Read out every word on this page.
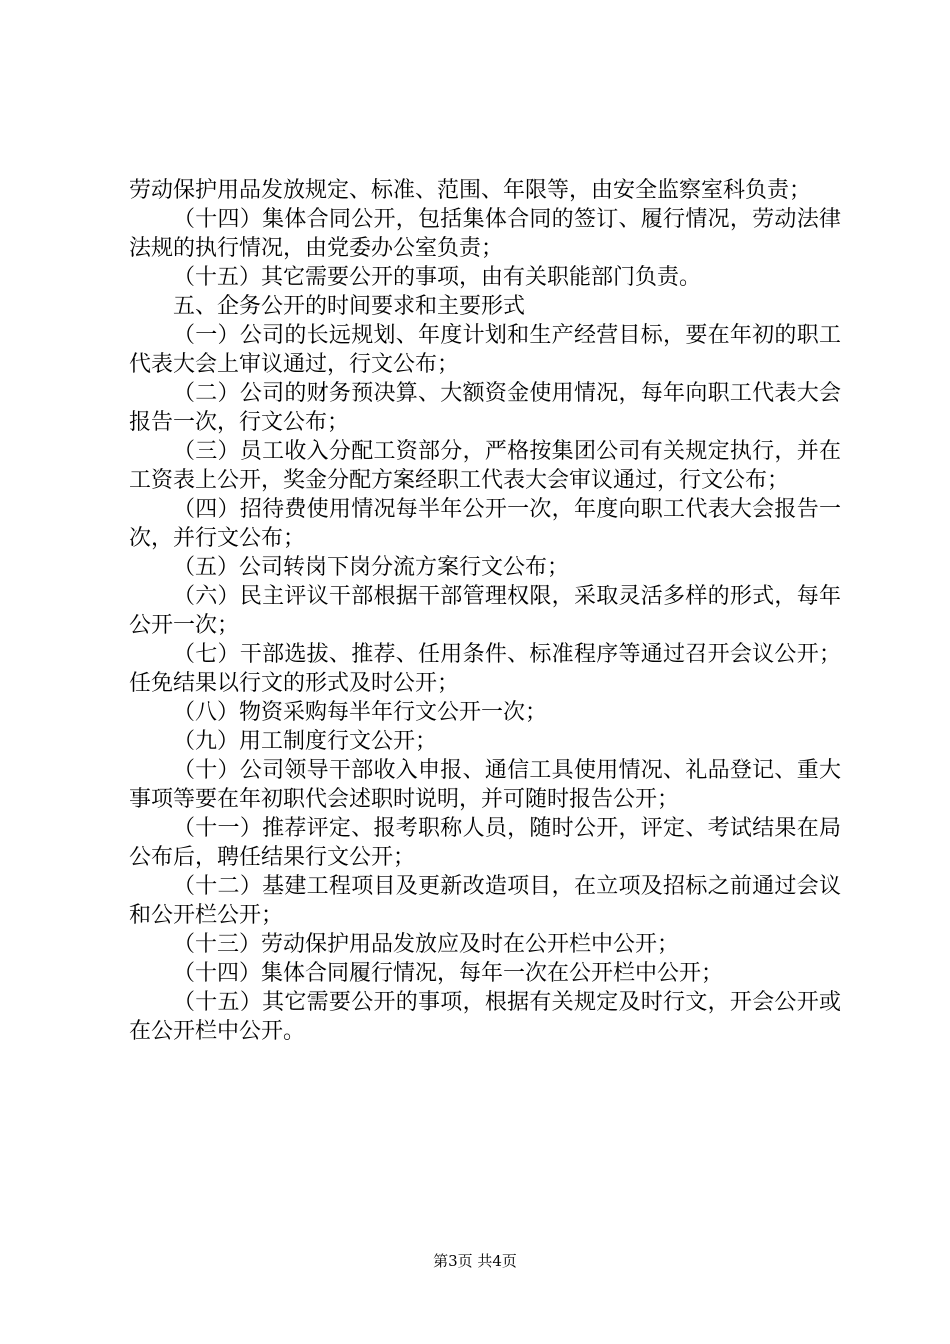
劳动保护用品发放规定、标准、范围、年限等，由安全监察室科负责；

（十四）集体合同公开，包括集体合同的签订、履行情况，劳动法律法规的执行情况，由党委办公室负责；

（十五）其它需要公开的事项，由有关职能部门负责。

五、企务公开的时间要求和主要形式

（一）公司的长远规划、年度计划和生产经营目标，要在年初的职工代表大会上审议通过，行文公布；

（二）公司的财务预决算、大额资金使用情况，每年向职工代表大会报告一次，行文公布；

（三）员工收入分配工资部分，严格按集团公司有关规定执行，并在工资表上公开，奖金分配方案经职工代表大会审议通过，行文公布；

（四）招待费使用情况每半年公开一次，年度向职工代表大会报告一次，并行文公布；

（五）公司转岗下岗分流方案行文公布；

（六）民主评议干部根据干部管理权限，采取灵活多样的形式，每年公开一次；

（七）干部选拔、推荐、任用条件、标准程序等通过召开会议公开；任免结果以行文的形式及时公开；

（八）物资采购每半年行文公开一次；

（九）用工制度行文公开；

（十）公司领导干部收入申报、通信工具使用情况、礼品登记、重大事项等要在年初职代会述职时说明，并可随时报告公开；

（十一）推荐评定、报考职称人员，随时公开，评定、考试结果在局公布后，聘任结果行文公开；

（十二）基建工程项目及更新改造项目，在立项及招标之前通过会议和公开栏公开；

（十三）劳动保护用品发放应及时在公开栏中公开；

（十四）集体合同履行情况，每年一次在公开栏中公开；

（十五）其它需要公开的事项，根据有关规定及时行文，开会公开或在公开栏中公开。

第3页 共4页
